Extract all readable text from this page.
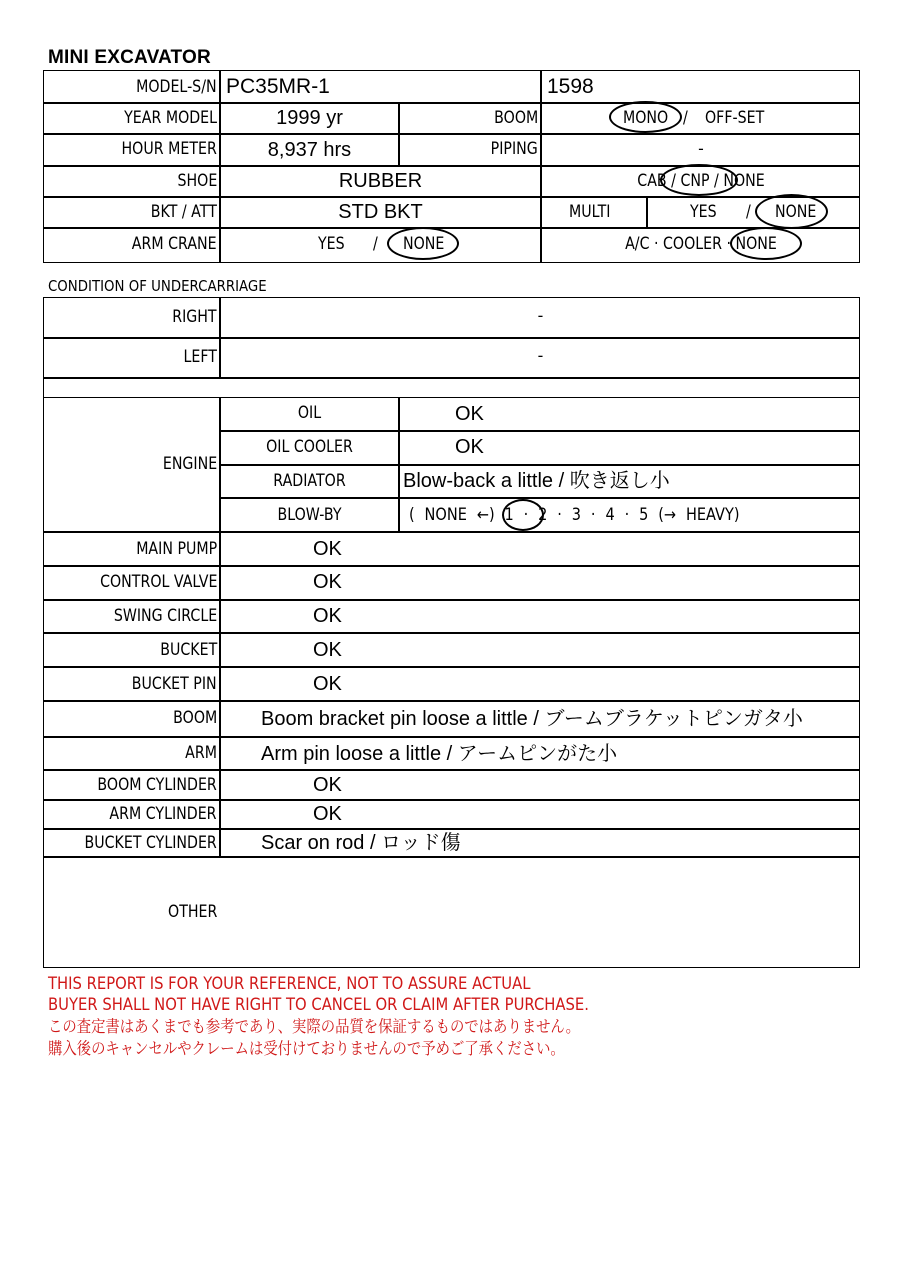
MINI EXCAVATOR
MODEL-S/N PC35MR-1	1598
YEAR MODEL	1999 yr	BOOM	MONO / OFF-SET
HOUR METER	8,937 hrs	PIPING	-
SHOE	RUBBER	CAB / CNP / NONE
BKT / ATT	STD BKT	MULTI	YES / NONE
ARM CRANE	YES / NONE	A/C · COOLER · NONE
CONDITION OF UNDERCARRIAGE
RIGHT	-
LEFT	-
ENGINE
OIL	OK
OIL COOLER	OK
RADIATOR	Blow-back a little / 吹き返し小
BLOW-BY	( NONE ←) 1 · 2 · 3 · 4 · 5 (→ HEAVY)
MAIN PUMP	OK
CONTROL VALVE	OK
SWING CIRCLE	OK
BUCKET	OK
BUCKET PIN	OK
BOOM Boom bracket pin loose a little / ブームブラケットピンガタ小
ARM Arm pin loose a little / アームピンがた小
BOOM CYLINDER	OK
ARM CYLINDER	OK
BUCKET CYLINDER Scar on rod / ロッド傷
OTHER
THIS REPORT IS FOR YOUR REFERENCE, NOT TO ASSURE ACTUAL
BUYER SHALL NOT HAVE RIGHT TO CANCEL OR CLAIM AFTER PURCHASE.
この査定書はあくまでも参考であり、実際の品質を保証するものではありません。
購入後のキャンセルやクレームは受付けておりませんので予めご了承ください。
